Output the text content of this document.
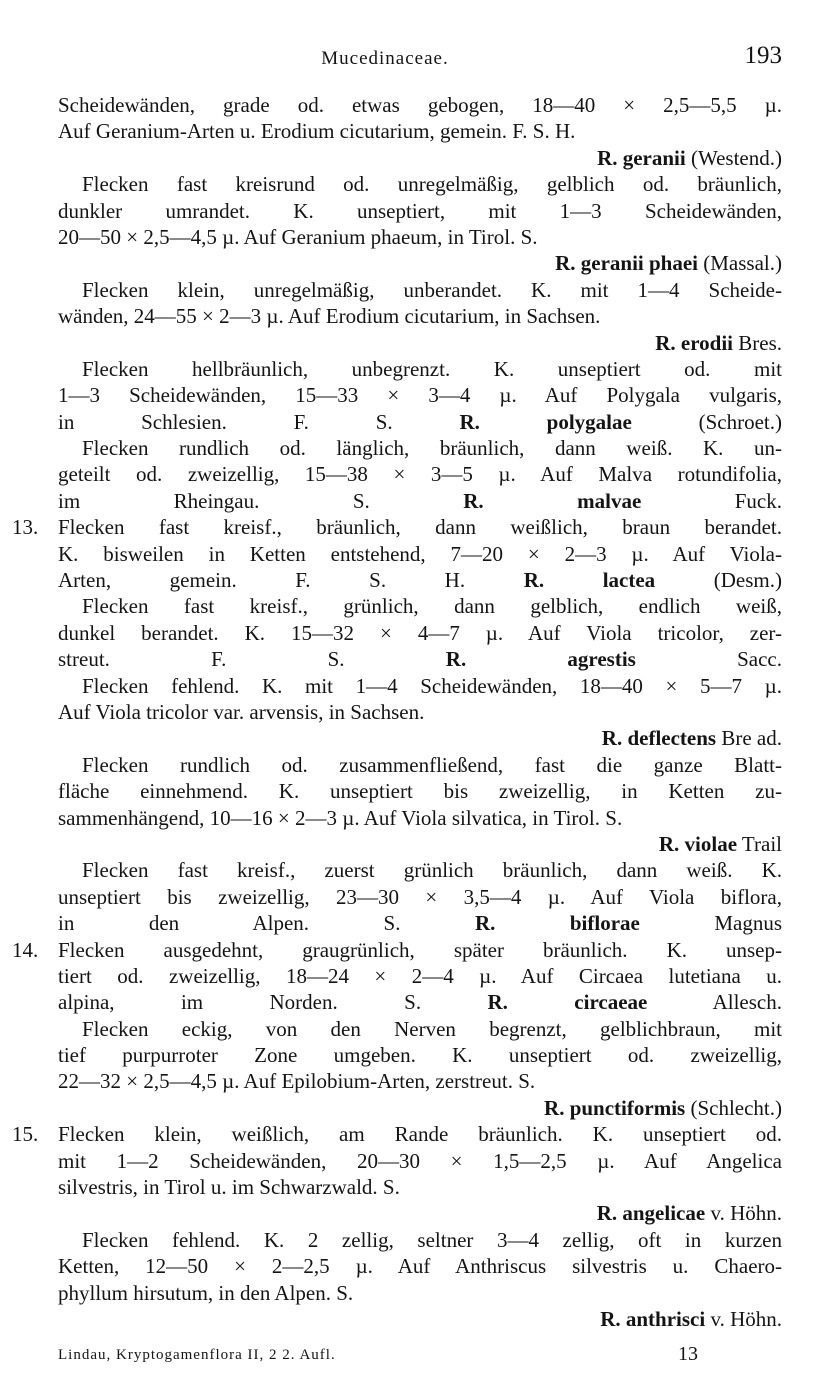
Mucedinaceae.	193
Scheidewänden, grade od. etwas gebogen, 18—40 × 2,5—5,5 µ.
Auf Geranium-Arten u. Erodium cicutarium, gemein. F. S. H.
R. geranii (Westend.)
Flecken fast kreisrund od. unregelmäßig, gelblich od. bräunlich,
dunkler umrandet. K. unseptiert, mit 1—3 Scheidewänden,
20—50 × 2,5—4,5 µ. Auf Geranium phaeum, in Tirol. S.
R. geranii phaei (Massal.)
Flecken klein, unregelmäßig, unberandet. K. mit 1—4 Scheide-
wänden, 24—55 × 2—3 µ. Auf Erodium cicutarium, in Sachsen.
R. erodii Bres.
Flecken hellbräunlich, unbegrenzt. K. unseptiert od. mit
1—3 Scheidewänden, 15—33 × 3—4 µ. Auf Polygala vulgaris,
in Schlesien. F. S.	R. polygalae (Schroet.)
Flecken rundlich od. länglich, bräunlich, dann weiß. K. un-
geteilt od. zweizellig, 15—38 × 3—5 µ. Auf Malva rotundifolia,
im Rheingau. S.	R. malvae Fuck.
13. Flecken fast kreisf., bräunlich, dann weißlich, braun berandet.
K. bisweilen in Ketten entstehend, 7—20 × 2—3 µ. Auf Viola-
Arten, gemein. F. S. H.	R. lactea (Desm.)
Flecken fast kreisf., grünlich, dann gelblich, endlich weiß,
dunkel berandet. K. 15—32 × 4—7 µ. Auf Viola tricolor, zer-
streut. F. S.	R. agrestis Sacc.
Flecken fehlend. K. mit 1—4 Scheidewänden, 18—40 × 5—7 µ.
Auf Viola tricolor var. arvensis, in Sachsen.
R. deflectens Bre ad.
Flecken rundlich od. zusammenfließend, fast die ganze Blatt-
fläche einnehmend. K. unseptiert bis zweizellig, in Ketten zu-
sammenhängend, 10—16 × 2—3 µ. Auf Viola silvatica, in Tirol. S.
R. violae Trail
Flecken fast kreisf., zuerst grünlich bräunlich, dann weiß. K.
unseptiert bis zweizellig, 23—30 × 3,5—4 µ. Auf Viola biflora,
in den Alpen. S.	R. biflorae Magnus
14. Flecken ausgedehnt, graugrünlich, später bräunlich. K. unsep-
tiert od. zweizellig, 18—24 × 2—4 µ. Auf Circaea lutetiana u.
alpina, im Norden. S.	R. circaeae Allesch.
Flecken eckig, von den Nerven begrenzt, gelblichbraun, mit
tief purpurroter Zone umgeben. K. unseptiert od. zweizellig,
22—32 × 2,5—4,5 µ. Auf Epilobium-Arten, zerstreut. S.
R. punctiformis (Schlecht.)
15. Flecken klein, weißlich, am Rande bräunlich. K. unseptiert od.
mit 1—2 Scheidewänden, 20—30 × 1,5—2,5 µ. Auf Angelica
silvestris, in Tirol u. im Schwarzwald. S.
R. angelicae v. Höhn.
Flecken fehlend. K. 2 zellig, seltner 3—4 zellig, oft in kurzen
Ketten, 12—50 × 2—2,5 µ. Auf Anthriscus silvestris u. Chaero-
phyllum hirsutum, in den Alpen. S.
R. anthrisci v. Höhn.
Lindau, Kryptogamenflora II, 2 2. Aufl.	13
